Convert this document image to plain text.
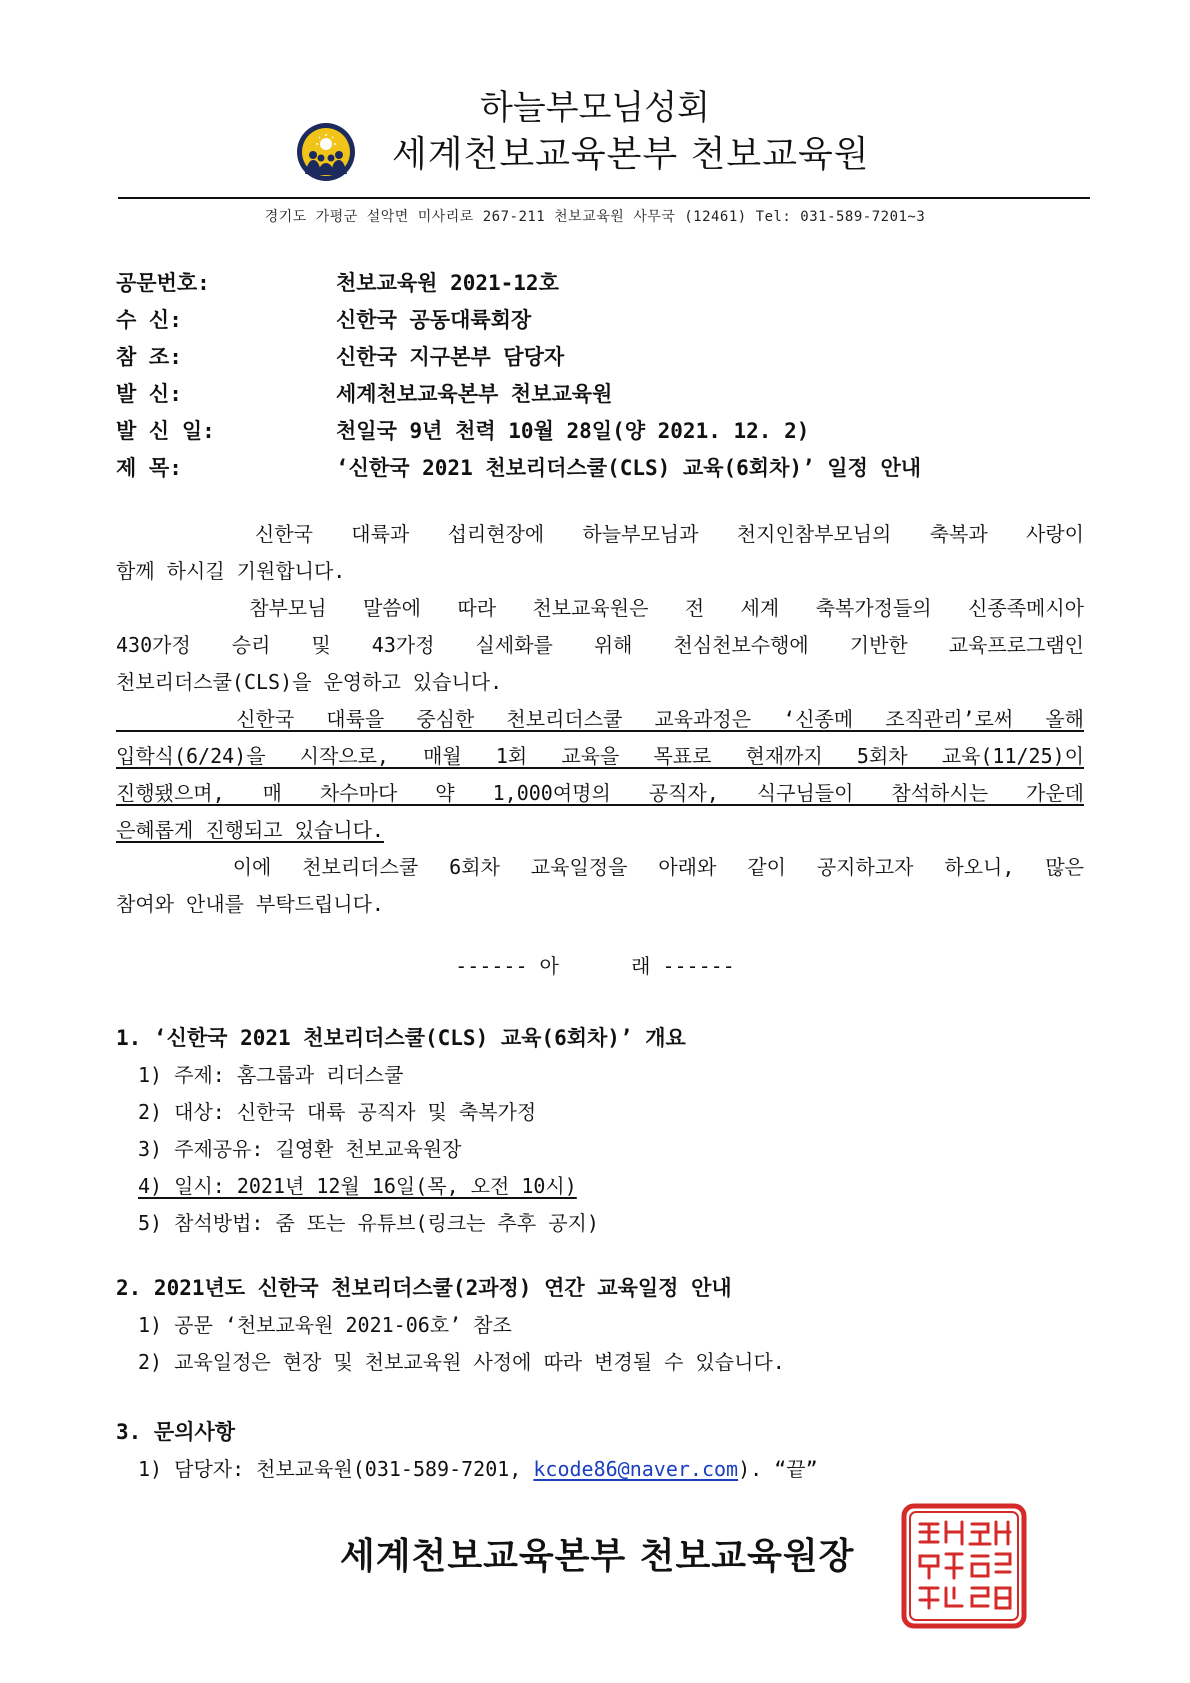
하늘부모님성회
세계천보교육본부 천보교육원
경기도 가평군 설악면 미사리로 267-211 천보교육원 사무국 (12461) Tel: 031-589-7201~3
공문번호:	천보교육원 2021-12호
수 신:	신한국 공동대륙회장
참 조:	신한국 지구본부 담당자
발 신:	세계천보교육본부 천보교육원
발 신 일:	천일국 9년 천력 10월 28일(양 2021. 12. 2)
제 목:	‘신한국 2021 천보리더스쿨(CLS) 교육(6회차)’ 일정 안내
　　　신한국 대륙과 섭리현장에 하늘부모님과 천지인참부모님의 축복과 사랑이
함께 하시길 기원합니다.
　　　참부모님 말씀에 따라 천보교육원은 전 세계 축복가정들의 신종족메시아
430가정 승리 및 43가정 실세화를 위해 천심천보수행에 기반한 교육프로그램인
천보리더스쿨(CLS)을 운영하고 있습니다.
　　　신한국 대륙을 중심한 천보리더스쿨 교육과정은 ‘신종메 조직관리’로써 올해
입학식(6/24)을 시작으로, 매월 1회 교육을 목표로 현재까지 5회차 교육(11/25)이
진행됐으며, 매 차수마다 약 1,000여명의 공직자, 식구님들이 참석하시는 가운데
은혜롭게 진행되고 있습니다.
　　　이에 천보리더스쿨 6회차 교육일정을 아래와 같이 공지하고자 하오니, 많은
참여와 안내를 부탁드립니다.
------ 아      래 ------
1. ‘신한국 2021 천보리더스쿨(CLS) 교육(6회차)’ 개요
1) 주제: 홈그룹과 리더스쿨
2) 대상: 신한국 대륙 공직자 및 축복가정
3) 주제공유: 길영환 천보교육원장
4) 일시: 2021년 12월 16일(목, 오전 10시)
5) 참석방법: 줌 또는 유튜브(링크는 추후 공지)
2. 2021년도 신한국 천보리더스쿨(2과정) 연간 교육일정 안내
1) 공문 ‘천보교육원 2021-06호’ 참조
2) 교육일정은 현장 및 천보교육원 사정에 따라 변경될 수 있습니다.
3. 문의사항
1) 담당자: 천보교육원(031-589-7201, kcode86@naver.com). “끝”
세계천보교육본부 천보교육원장
